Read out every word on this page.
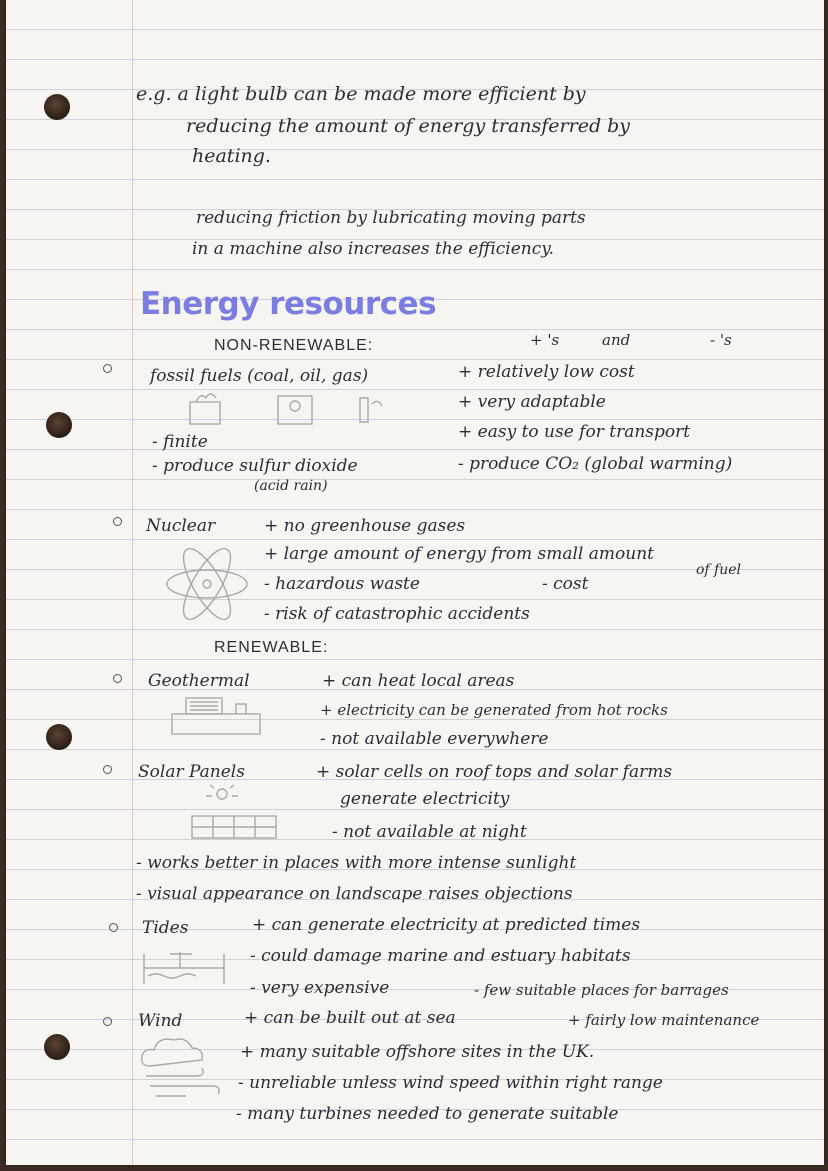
e.g. a light bulb can be made more efficient by
reducing the amount of energy transferred by
heating.
reducing friction by lubricating moving parts
in a machine also increases the efficiency.
Energy resources
NON-RENEWABLE:	+ 's	and	- 's
fossil fuels (coal, oil, gas)	+ relatively low cost
+ very adaptable
+ easy to use for transport
- produce CO₂ (global warming)
- finite
- produce sulfur dioxide
(acid rain)
Nuclear	+ no greenhouse gases
+ large amount of energy from small amount
of fuel
- hazardous waste	- cost
- risk of catastrophic accidents
RENEWABLE:
Geothermal	+ can heat local areas
+ electricity can be generated from hot rocks
- not available everywhere
Solar Panels	+ solar cells on roof tops and solar farms
generate electricity
- not available at night
- works better in places with more intense sunlight
- visual appearance on landscape raises objections
Tides	+ can generate electricity at predicted times
- could damage marine and estuary habitats
- very expensive	- few suitable places for barrages
Wind	+ can be built out at sea	+ fairly low maintenance
+ many suitable offshore sites in the UK.
- unreliable unless wind speed within right range
- many turbines needed to generate suitable
